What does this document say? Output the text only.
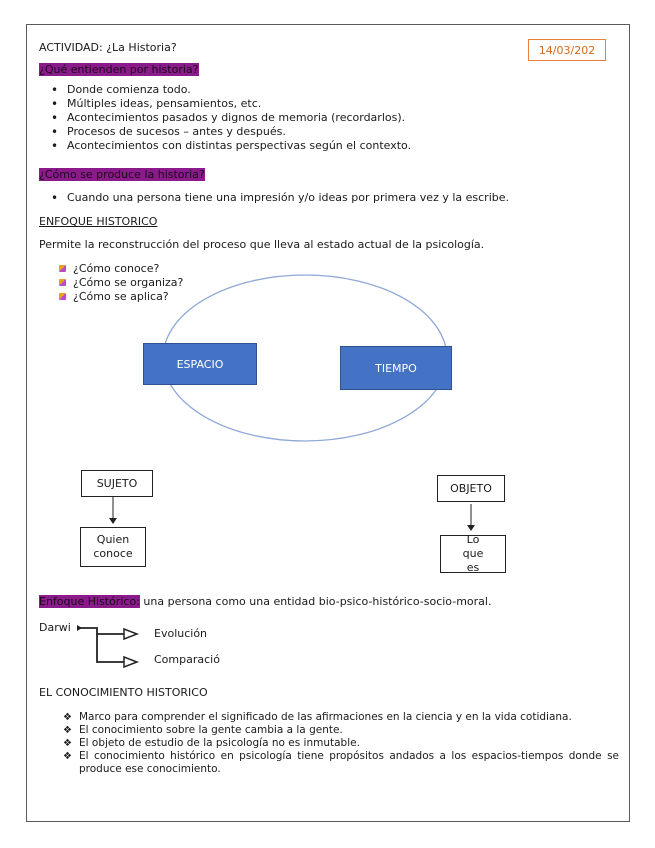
ACTIVIDAD: ¿La Historia?	14/03/202
¿Qué entienden por historia?
• Donde comienza todo.
• Múltiples ideas, pensamientos, etc.
• Acontecimientos pasados y dignos de memoria (recordarlos).
• Procesos de sucesos – antes y después.
• Acontecimientos con distintas perspectivas según el contexto.
¿Cómo se produce la historia?
• Cuando una persona tiene una impresión y/o ideas por primera vez y la escribe.
ENFOQUE HISTORICO
Permite la reconstrucción del proceso que lleva al estado actual de la psicología.
¿Cómo conoce?
¿Cómo se organiza?
¿Cómo se aplica?
ESPACIO	TIEMPO
SUJETO
Quien conoce
OBJETO
Lo que es
Enfoque Histórico: una persona como una entidad bio-psico-histórico-socio-moral.
Darwi	Evolución
Comparació
EL CONOCIMIENTO HISTORICO
❖ Marco para comprender el significado de las afirmaciones en la ciencia y en la vida cotidiana.
❖ El conocimiento sobre la gente cambia a la gente.
❖ El objeto de estudio de la psicología no es inmutable.
❖ El conocimiento histórico en psicología tiene propósitos andados a los espacios-tiempos donde se produce ese conocimiento.
